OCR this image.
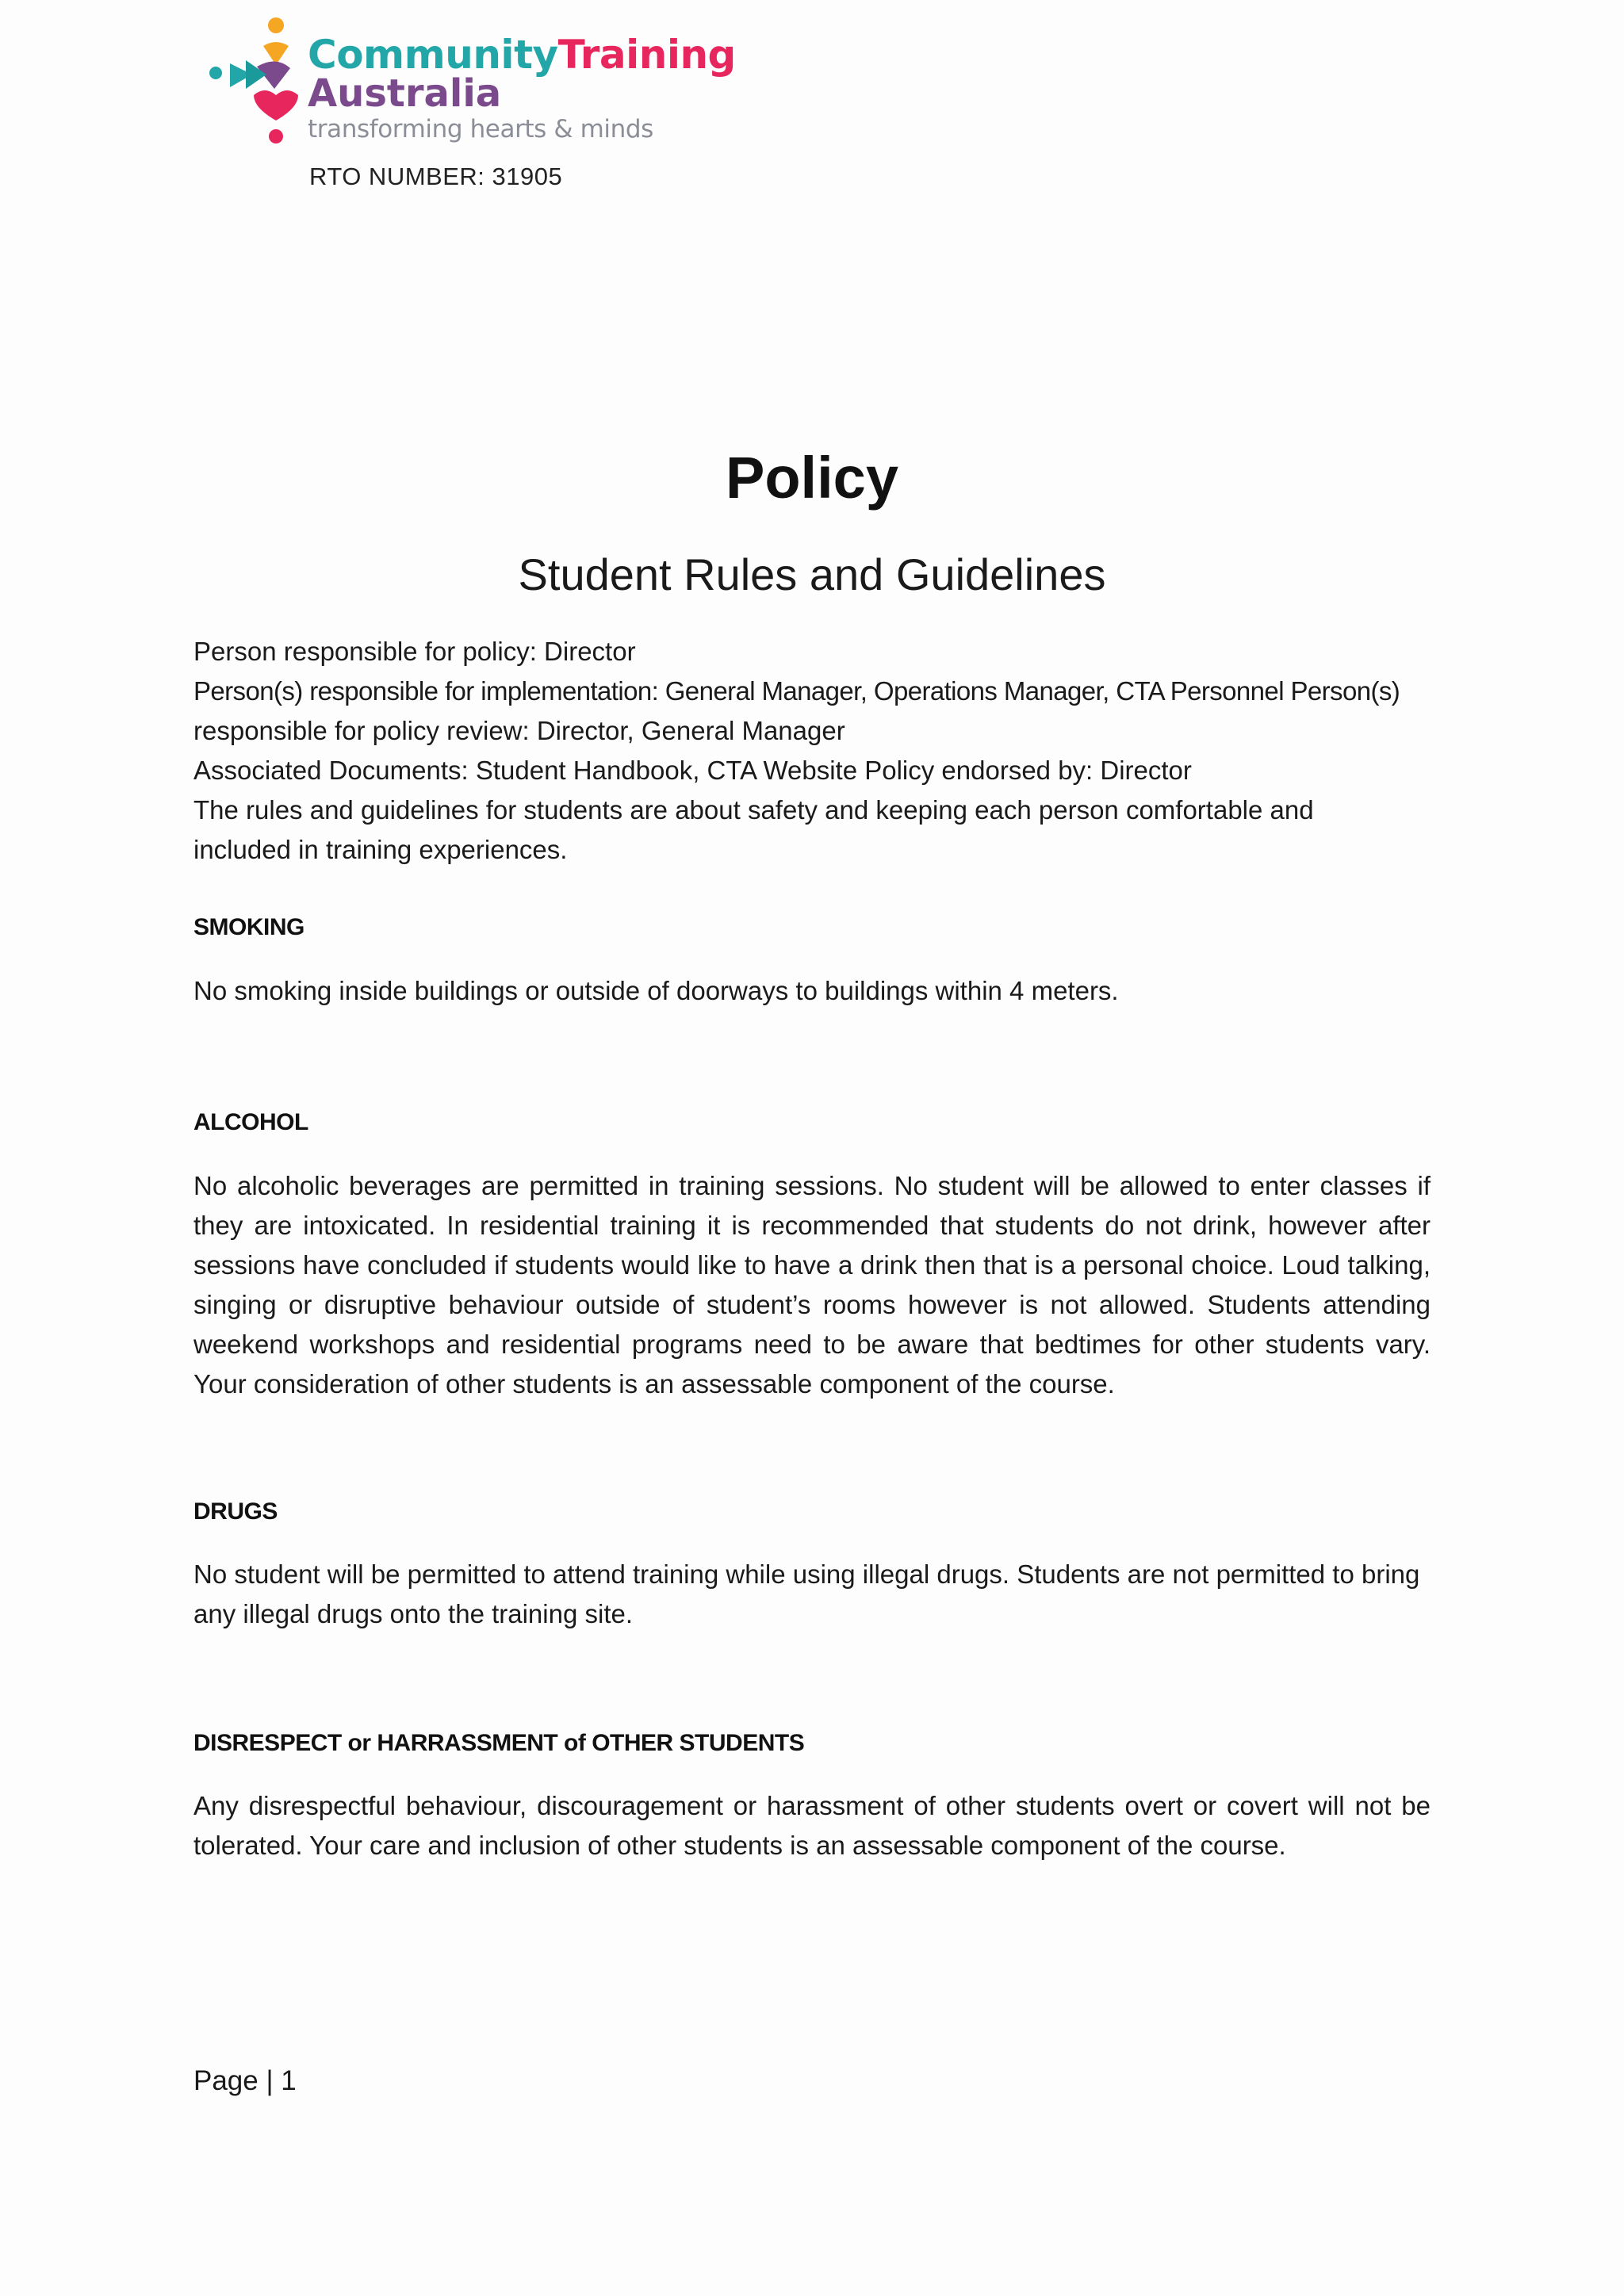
CommunityTraining
Australia
transforming hearts & minds
RTO NUMBER: 31905
Policy
Student Rules and Guidelines

Person responsible for policy: Director

Person(s) responsible for implementation: General Manager, Operations Manager, CTA Personnel Person(s)

responsible for policy review: Director, General Manager

Associated Documents: Student Handbook, CTA Website Policy endorsed by: Director

The rules and guidelines for students are about safety and keeping each person comfortable and

included in training experiences.

SMOKING

No smoking inside buildings or outside of doorways to buildings within 4 meters.

ALCOHOL

No alcoholic beverages are permitted in training sessions. No student will be allowed to enter classes if they are intoxicated. In residential training it is recommended that students do not drink, however after sessions have concluded if students would like to have a drink then that is a personal choice. Loud talking, singing or disruptive behaviour outside of student’s rooms however is not allowed. Students attending weekend workshops and residential programs need to be aware that bedtimes for other students vary. Your consideration of other students is an assessable component of the course.

DRUGS

No student will be permitted to attend training while using illegal drugs. Students are not permitted to bring any illegal drugs onto the training site.

DISRESPECT or HARRASSMENT of OTHER STUDENTS

Any disrespectful behaviour, discouragement or harassment of other students overt or covert will not be tolerated. Your care and inclusion of other students is an assessable component of the course.

Page | 1
